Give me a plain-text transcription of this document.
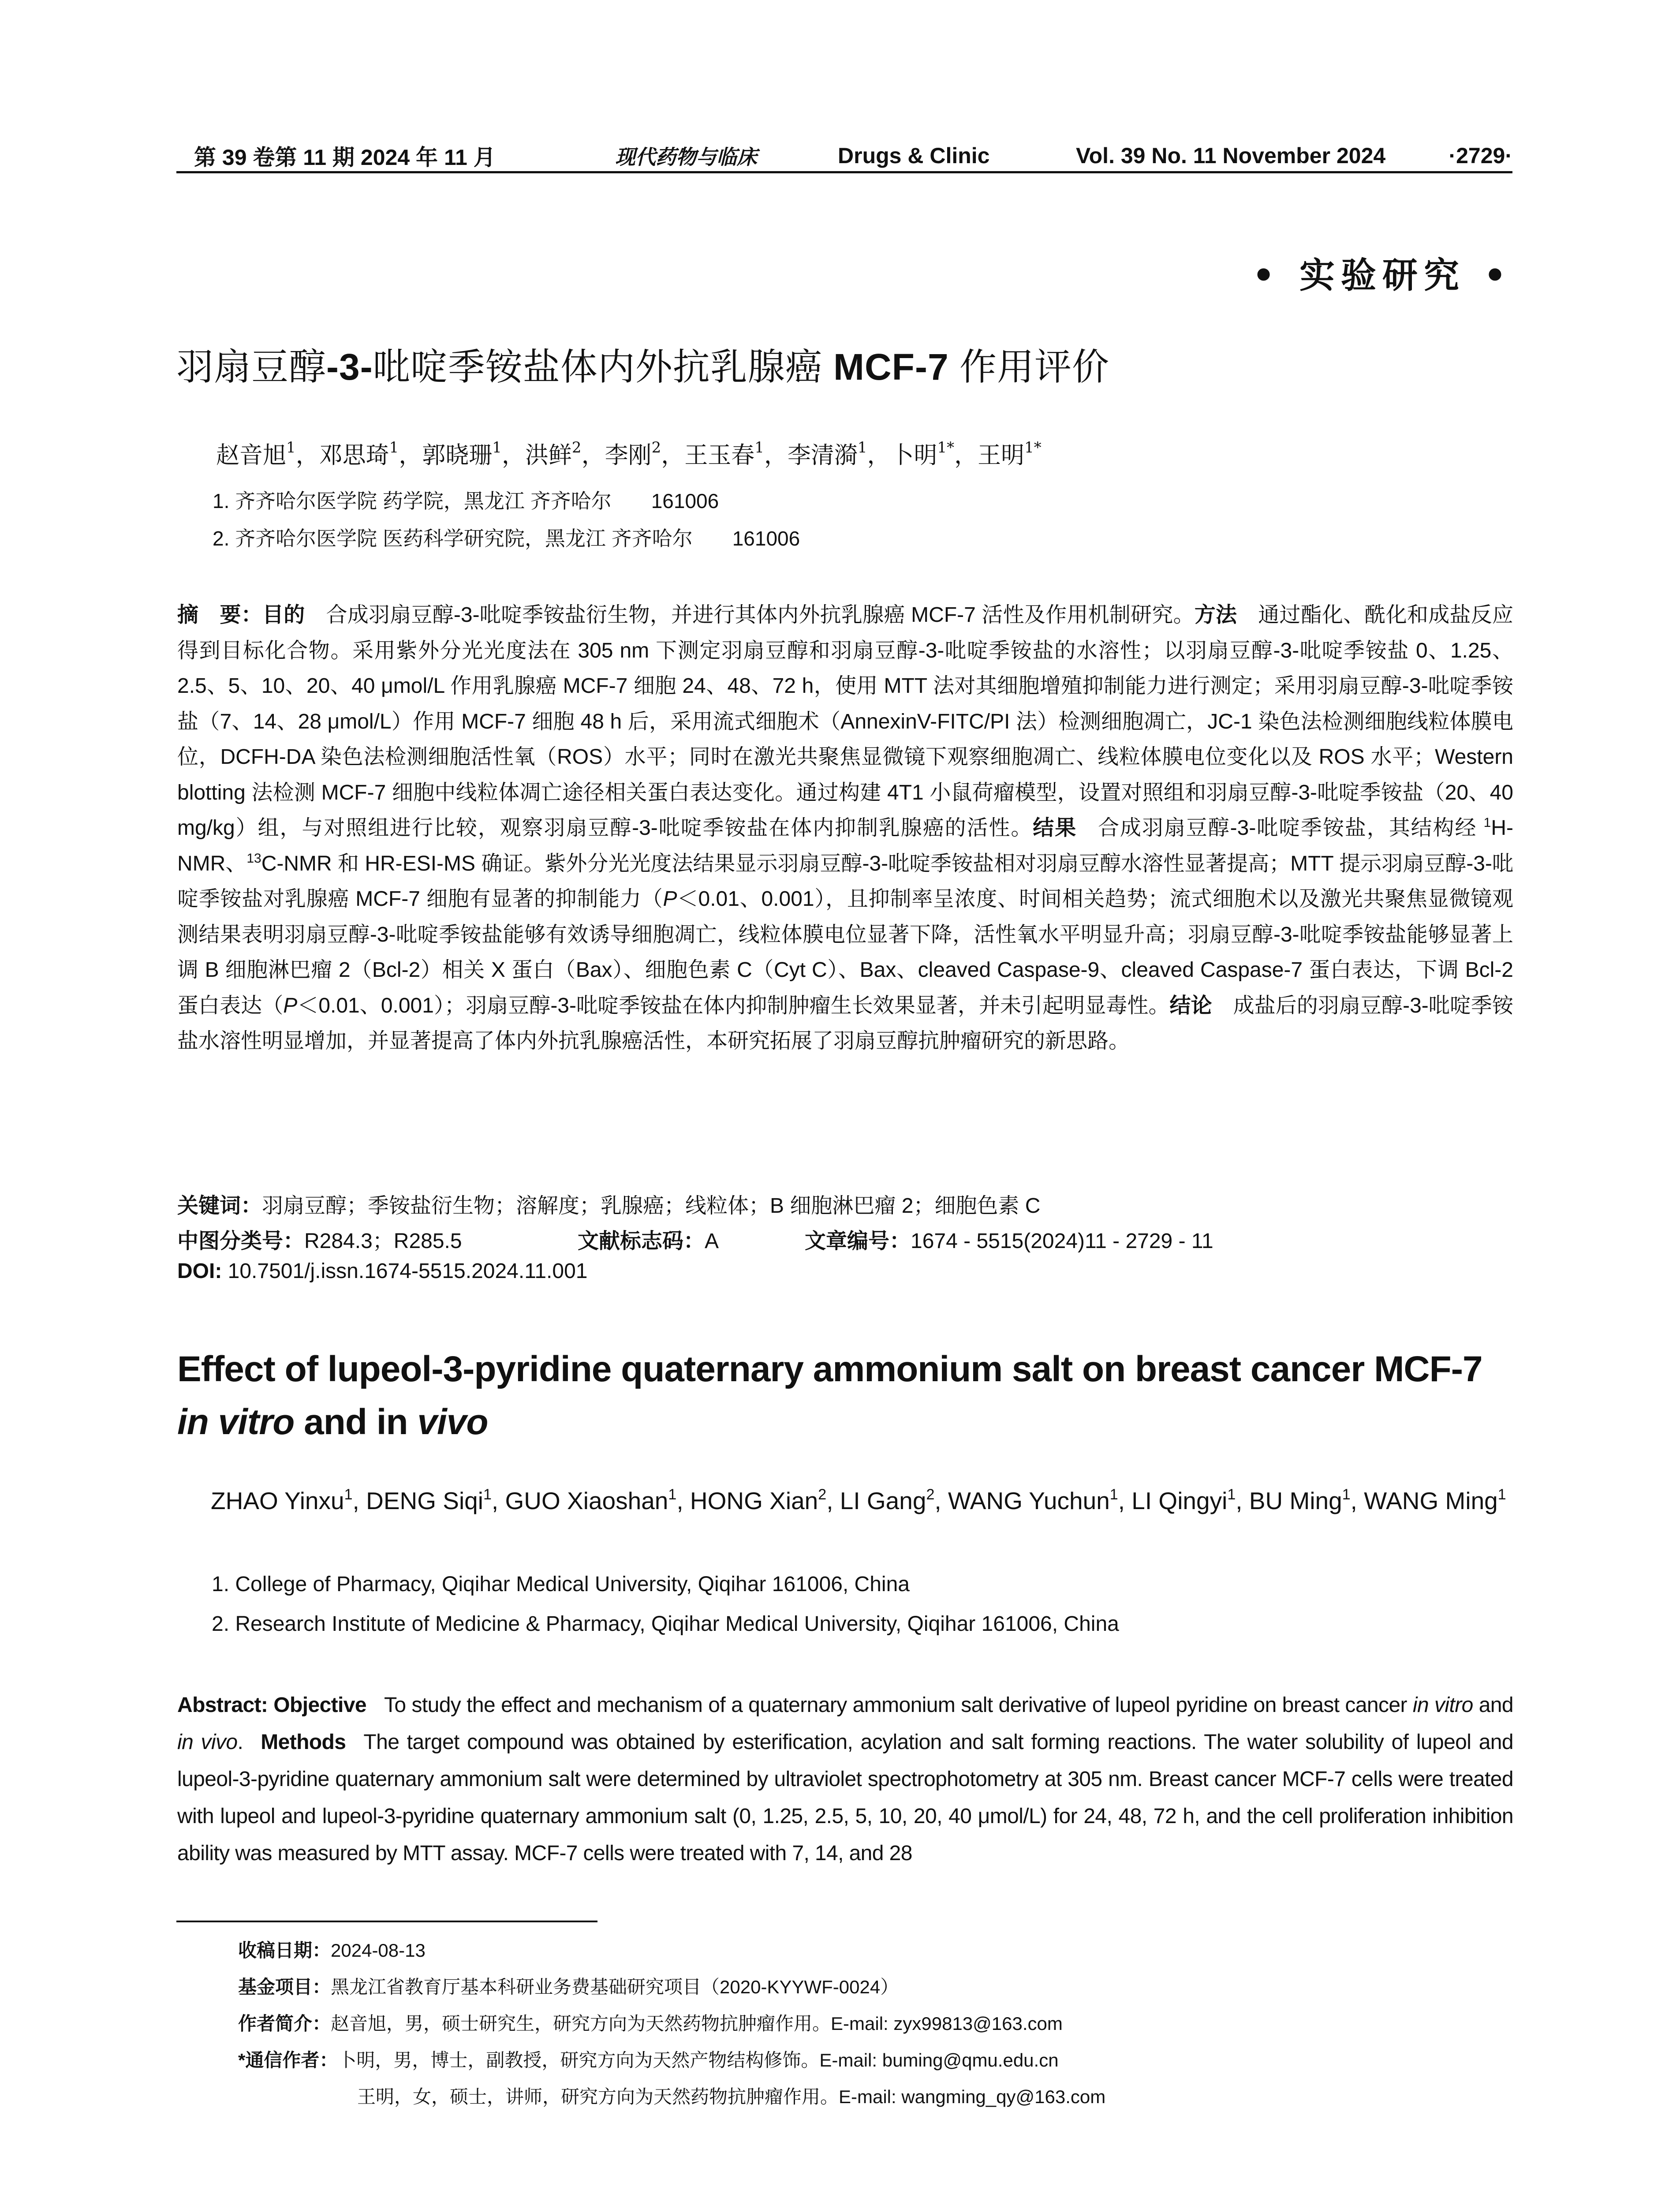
第 39 卷第 11 期 2024 年 11 月	现代药物与临床	Drugs & Clinic	Vol. 39 No. 11 November 2024	·2729·
• 实验研究 •
羽扇豆醇-3-吡啶季铵盐体内外抗乳腺癌 MCF-7 作用评价
赵音旭$^1$，邓思琦$^1$，郭晓珊$^1$，洪鲜$^2$，李刚$^2$，王玉春$^1$，李清漪$^1$，卜明$^{1*}$，王明$^{1*}$
1. 齐齐哈尔医学院 药学院，黑龙江 齐齐哈尔 161006
2. 齐齐哈尔医学院 医药科学研究院，黑龙江 齐齐哈尔 161006
摘　要：目的 合成羽扇豆醇-3-吡啶季铵盐衍生物，并进行其体内外抗乳腺癌 MCF-7 活性及作用机制研究。方法 通过酯化、酰化和成盐反应得到目标化合物。采用紫外分光光度法在 305 nm 下测定羽扇豆醇和羽扇豆醇-3-吡啶季铵盐的水溶性；以羽扇豆醇-3-吡啶季铵盐 0、1.25、2.5、5、10、20、40 μmol/L 作用乳腺癌 MCF-7 细胞 24、48、72 h，使用 MTT 法对其细胞增殖抑制能力进行测定；采用羽扇豆醇-3-吡啶季铵盐（7、14、28 μmol/L）作用 MCF-7 细胞 48 h 后，采用流式细胞术（AnnexinV-FITC/PI 法）检测细胞凋亡，JC-1 染色法检测细胞线粒体膜电位，DCFH-DA 染色法检测细胞活性氧（ROS）水平；同时在激光共聚焦显微镜下观察细胞凋亡、线粒体膜电位变化以及 ROS 水平；Western blotting 法检测 MCF-7 细胞中线粒体凋亡途径相关蛋白表达变化。通过构建 4T1 小鼠荷瘤模型，设置对照组和羽扇豆醇-3-吡啶季铵盐（20、40 mg/kg）组，与对照组进行比较，观察羽扇豆醇-3-吡啶季铵盐在体内抑制乳腺癌的活性。结果 合成羽扇豆醇-3-吡啶季铵盐，其结构经 $^1$H-NMR、$^{13}$C-NMR 和 HR-ESI-MS 确证。紫外分光光度法结果显示羽扇豆醇-3-吡啶季铵盐相对羽扇豆醇水溶性显著提高；MTT 提示羽扇豆醇-3-吡啶季铵盐对乳腺癌 MCF-7 细胞有显著的抑制能力（P＜0.01、0.001），且抑制率呈浓度、时间相关趋势；流式细胞术以及激光共聚焦显微镜观测结果表明羽扇豆醇-3-吡啶季铵盐能够有效诱导细胞凋亡，线粒体膜电位显著下降，活性氧水平明显升高；羽扇豆醇-3-吡啶季铵盐能够显著上调 B 细胞淋巴瘤 2（Bcl-2）相关 X 蛋白（Bax）、细胞色素 C（Cyt C）、Bax、cleaved Caspase-9、cleaved Caspase-7 蛋白表达，下调 Bcl-2 蛋白表达（P＜0.01、0.001）；羽扇豆醇-3-吡啶季铵盐在体内抑制肿瘤生长效果显著，并未引起明显毒性。结论 成盐后的羽扇豆醇-3-吡啶季铵盐水溶性明显增加，并显著提高了体内外抗乳腺癌活性，本研究拓展了羽扇豆醇抗肿瘤研究的新思路。
关键词：羽扇豆醇；季铵盐衍生物；溶解度；乳腺癌；线粒体；B 细胞淋巴瘤 2；细胞色素 C
中图分类号：R284.3；R285.5	文献标志码：A	文章编号：1674 - 5515(2024)11 - 2729 - 11
DOI: 10.7501/j.issn.1674-5515.2024.11.001
Effect of lupeol-3-pyridine quaternary ammonium salt on breast cancer MCF-7
in vitro and in vivo
ZHAO Yinxu$^1$, DENG Siqi$^1$, GUO Xiaoshan$^1$, HONG Xian$^2$, LI Gang$^2$, WANG Yuchun$^1$, LI Qingyi$^1$, BU Ming$^1$, WANG Ming$^1$
1. College of Pharmacy, Qiqihar Medical University, Qiqihar 161006, China
2. Research Institute of Medicine & Pharmacy, Qiqihar Medical University, Qiqihar 161006, China
Abstract: Objective To study the effect and mechanism of a quaternary ammonium salt derivative of lupeol pyridine on breast cancer in vitro and in vivo. Methods The target compound was obtained by esterification, acylation and salt forming reactions. The water solubility of lupeol and lupeol-3-pyridine quaternary ammonium salt were determined by ultraviolet spectrophotometry at 305 nm. Breast cancer MCF-7 cells were treated with lupeol and lupeol-3-pyridine quaternary ammonium salt (0, 1.25, 2.5, 5, 10, 20, 40 μmol/L) for 24, 48, 72 h, and the cell proliferation inhibition ability was measured by MTT assay. MCF-7 cells were treated with 7, 14, and 28
收稿日期：2024-08-13
基金项目：黑龙江省教育厅基本科研业务费基础研究项目（2020-KYYWF-0024）
作者简介：赵音旭，男，硕士研究生，研究方向为天然药物抗肿瘤作用。E-mail: zyx99813@163.com
*通信作者：卜明，男，博士，副教授，研究方向为天然产物结构修饰。E-mail: buming@qmu.edu.cn
王明，女，硕士，讲师，研究方向为天然药物抗肿瘤作用。E-mail: wangming_qy@163.com
